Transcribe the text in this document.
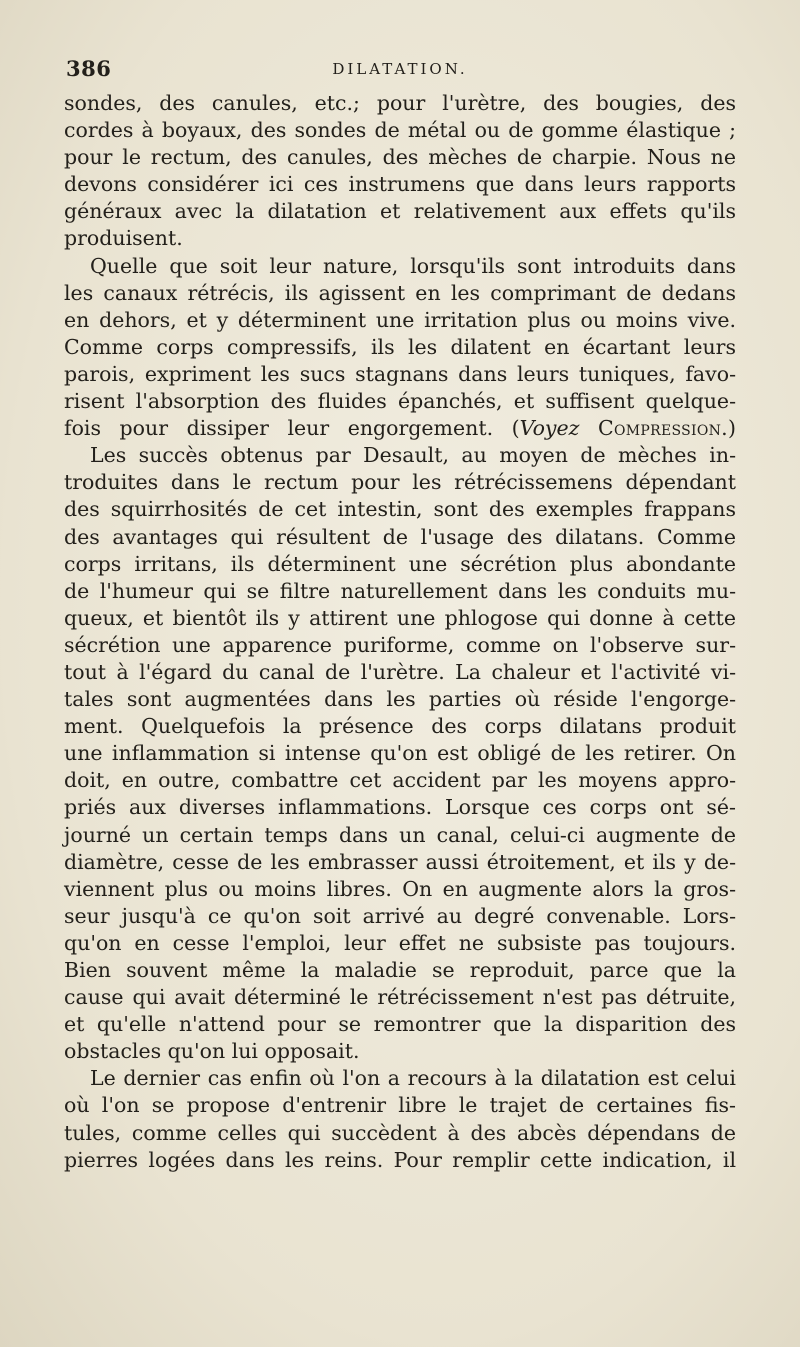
386	DILATATION.
sondes, des canules, etc.; pour l'urètre, des bougies, des
cordes à boyaux, des sondes de métal ou de gomme élastique ;
pour le rectum, des canules, des mèches de charpie. Nous ne
devons considérer ici ces instrumens que dans leurs rapports
généraux avec la dilatation et relativement aux effets qu'ils
produisent.
Quelle que soit leur nature, lorsqu'ils sont introduits dans
les canaux rétrécis, ils agissent en les comprimant de dedans
en dehors, et y déterminent une irritation plus ou moins vive.
Comme corps compressifs, ils les dilatent en écartant leurs
parois, expriment les sucs stagnans dans leurs tuniques, favo-
risent l'absorption des fluides épanchés, et suffisent quelque-
fois pour dissiper leur engorgement. (Voyez Compression.)
Les succès obtenus par Desault, au moyen de mèches in-
troduites dans le rectum pour les rétrécissemens dépendant
des squirrhosités de cet intestin, sont des exemples frappans
des avantages qui résultent de l'usage des dilatans. Comme
corps irritans, ils déterminent une sécrétion plus abondante
de l'humeur qui se filtre naturellement dans les conduits mu-
queux, et bientôt ils y attirent une phlogose qui donne à cette
sécrétion une apparence puriforme, comme on l'observe sur-
tout à l'égard du canal de l'urètre. La chaleur et l'activité vi-
tales sont augmentées dans les parties où réside l'engorge-
ment. Quelquefois la présence des corps dilatans produit
une inflammation si intense qu'on est obligé de les retirer. On
doit, en outre, combattre cet accident par les moyens appro-
priés aux diverses inflammations. Lorsque ces corps ont sé-
journé un certain temps dans un canal, celui-ci augmente de
diamètre, cesse de les embrasser aussi étroitement, et ils y de-
viennent plus ou moins libres. On en augmente alors la gros-
seur jusqu'à ce qu'on soit arrivé au degré convenable. Lors-
qu'on en cesse l'emploi, leur effet ne subsiste pas toujours.
Bien souvent même la maladie se reproduit, parce que la
cause qui avait déterminé le rétrécissement n'est pas détruite,
et qu'elle n'attend pour se remontrer que la disparition des
obstacles qu'on lui opposait.
Le dernier cas enfin où l'on a recours à la dilatation est celui
où l'on se propose d'entrenir libre le trajet de certaines fis-
tules, comme celles qui succèdent à des abcès dépendans de
pierres logées dans les reins. Pour remplir cette indication, il
